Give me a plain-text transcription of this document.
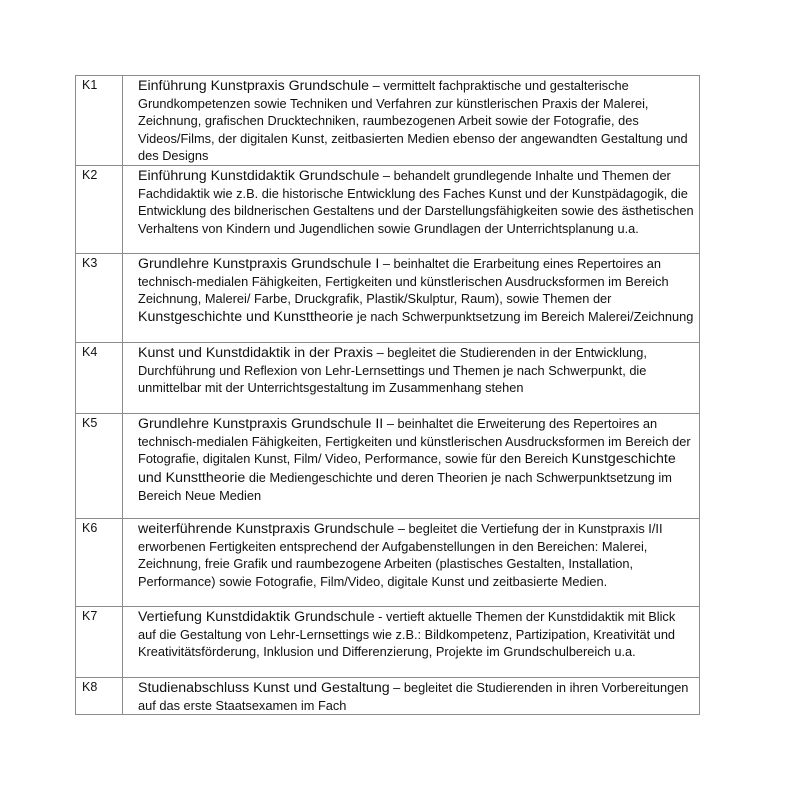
K1	Einführung Kunstpraxis Grundschule – vermittelt fachpraktische und gestalterische Grundkompetenzen sowie Techniken und Verfahren zur künstlerischen Praxis der Malerei, Zeichnung, grafischen Drucktechniken, raumbezogenen Arbeit sowie der Fotografie, des Videos/Films, der digitalen Kunst, zeitbasierten Medien ebenso der angewandten Gestaltung und des Designs
K2	Einführung Kunstdidaktik Grundschule – behandelt grundlegende Inhalte und Themen der Fachdidaktik wie z.B. die historische Entwicklung des Faches Kunst und der Kunstpädagogik, die Entwicklung des bildnerischen Gestaltens und der Darstellungsfähigkeiten sowie des ästhetischen Verhaltens von Kindern und Jugendlichen sowie Grundlagen der Unterrichtsplanung u.a.
K3	Grundlehre Kunstpraxis Grundschule I – beinhaltet die Erarbeitung eines Repertoires an technisch-medialen Fähigkeiten, Fertigkeiten und künstlerischen Ausdrucksformen im Bereich Zeichnung, Malerei/ Farbe, Druckgrafik, Plastik/Skulptur, Raum), sowie Themen der Kunstgeschichte und Kunsttheorie je nach Schwerpunktsetzung im Bereich Malerei/Zeichnung
K4	Kunst und Kunstdidaktik in der Praxis – begleitet die Studierenden in der Entwicklung, Durchführung und Reflexion von Lehr-Lernsettings und Themen je nach Schwerpunkt, die unmittelbar mit der Unterrichtsgestaltung im Zusammenhang stehen
K5	Grundlehre Kunstpraxis Grundschule II – beinhaltet die Erweiterung des Repertoires an technisch-medialen Fähigkeiten, Fertigkeiten und künstlerischen Ausdrucksformen im Bereich der Fotografie, digitalen Kunst, Film/ Video, Performance, sowie für den Bereich Kunstgeschichte und Kunsttheorie die Mediengeschichte und deren Theorien je nach Schwerpunktsetzung im Bereich Neue Medien
K6	weiterführende Kunstpraxis Grundschule – begleitet die Vertiefung der in Kunstpraxis I/II erworbenen Fertigkeiten entsprechend der Aufgabenstellungen in den Bereichen: Malerei, Zeichnung, freie Grafik und raumbezogene Arbeiten (plastisches Gestalten, Installation, Performance) sowie Fotografie, Film/Video, digitale Kunst und zeitbasierte Medien.
K7	Vertiefung Kunstdidaktik Grundschule - vertieft aktuelle Themen der Kunstdidaktik mit Blick auf die Gestaltung von Lehr-Lernsettings wie z.B.: Bildkompetenz, Partizipation, Kreativität und Kreativitätsförderung, Inklusion und Differenzierung, Projekte im Grundschulbereich u.a.
K8	Studienabschluss Kunst und Gestaltung – begleitet die Studierenden in ihren Vorbereitungen auf das erste Staatsexamen im Fach
